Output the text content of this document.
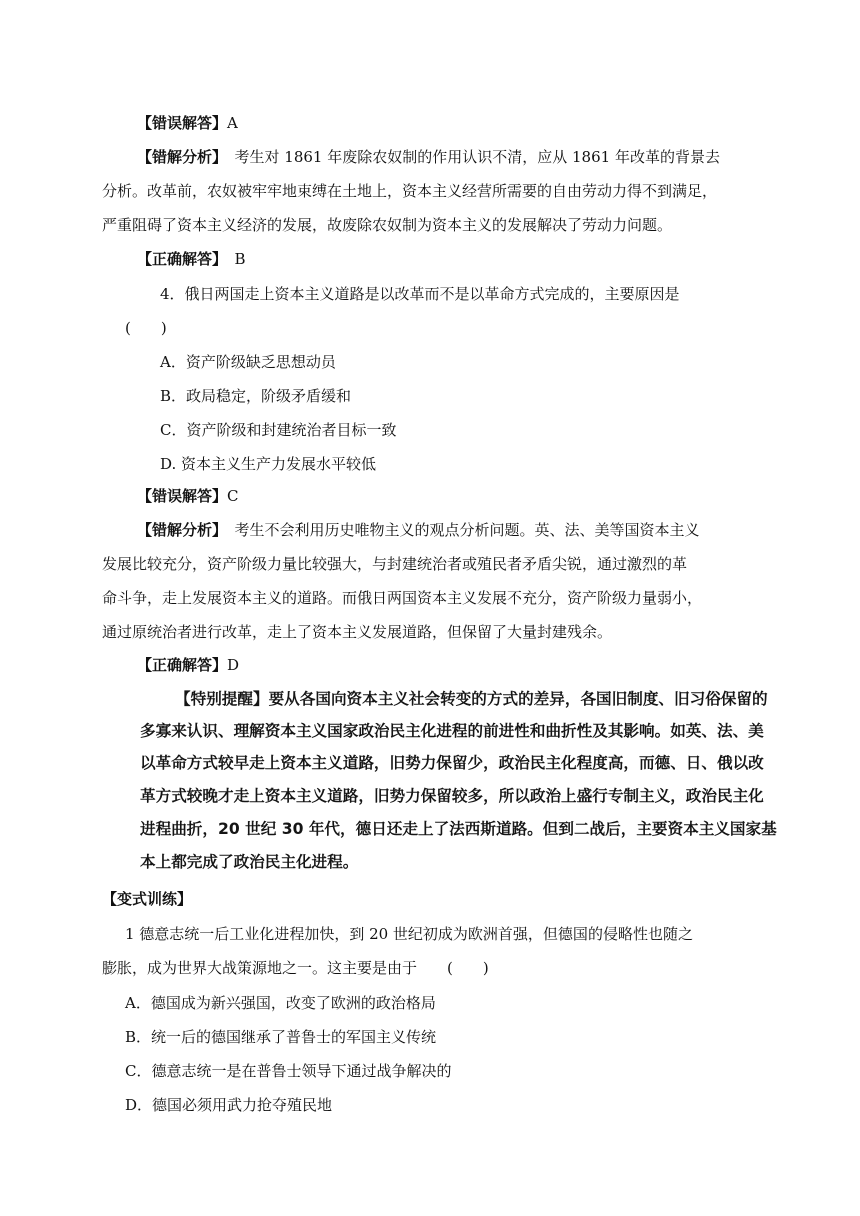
【错误解答】A
【错解分析】　考生对 1861 年废除农奴制的作用认识不清，应从 1861 年改革的背景去
分析。改革前，农奴被牢牢地束缚在土地上，资本主义经营所需要的自由劳动力得不到满足，
严重阻碍了资本主义经济的发展，故废除农奴制为资本主义的发展解决了劳动力问题。
【正确解答】　B
4．俄日两国走上资本主义道路是以改革而不是以革命方式完成的，主要原因是
(　　)
A．资产阶级缺乏思想动员
B．政局稳定，阶级矛盾缓和
C．资产阶级和封建统治者目标一致
D. 资本主义生产力发展水平较低
【错误解答】C
【错解分析】　考生不会利用历史唯物主义的观点分析问题。英、法、美等国资本主义
发展比较充分，资产阶级力量比较强大，与封建统治者或殖民者矛盾尖锐，通过激烈的革
命斗争，走上发展资本主义的道路。而俄日两国资本主义发展不充分，资产阶级力量弱小，
通过原统治者进行改革，走上了资本主义发展道路，但保留了大量封建残余。
【正确解答】D
【特别提醒】要从各国向资本主义社会转变的方式的差异，各国旧制度、旧习俗保留的
多寡来认识、理解资本主义国家政治民主化进程的前进性和曲折性及其影响。如英、法、美
以革命方式较早走上资本主义道路，旧势力保留少，政治民主化程度高，而德、日、俄以改
革方式较晚才走上资本主义道路，旧势力保留较多，所以政治上盛行专制主义，政治民主化
进程曲折，20 世纪 30 年代，德日还走上了法西斯道路。但到二战后，主要资本主义国家基
本上都完成了政治民主化进程。
【变式训练】
1 德意志统一后工业化进程加快，到 20 世纪初成为欧洲首强，但德国的侵略性也随之
膨胀，成为世界大战策源地之一。这主要是由于　　(　　)
A．德国成为新兴强国，改变了欧洲的政治格局
B．统一后的德国继承了普鲁士的军国主义传统
C．德意志统一是在普鲁士领导下通过战争解决的
D．德国必须用武力抢夺殖民地
